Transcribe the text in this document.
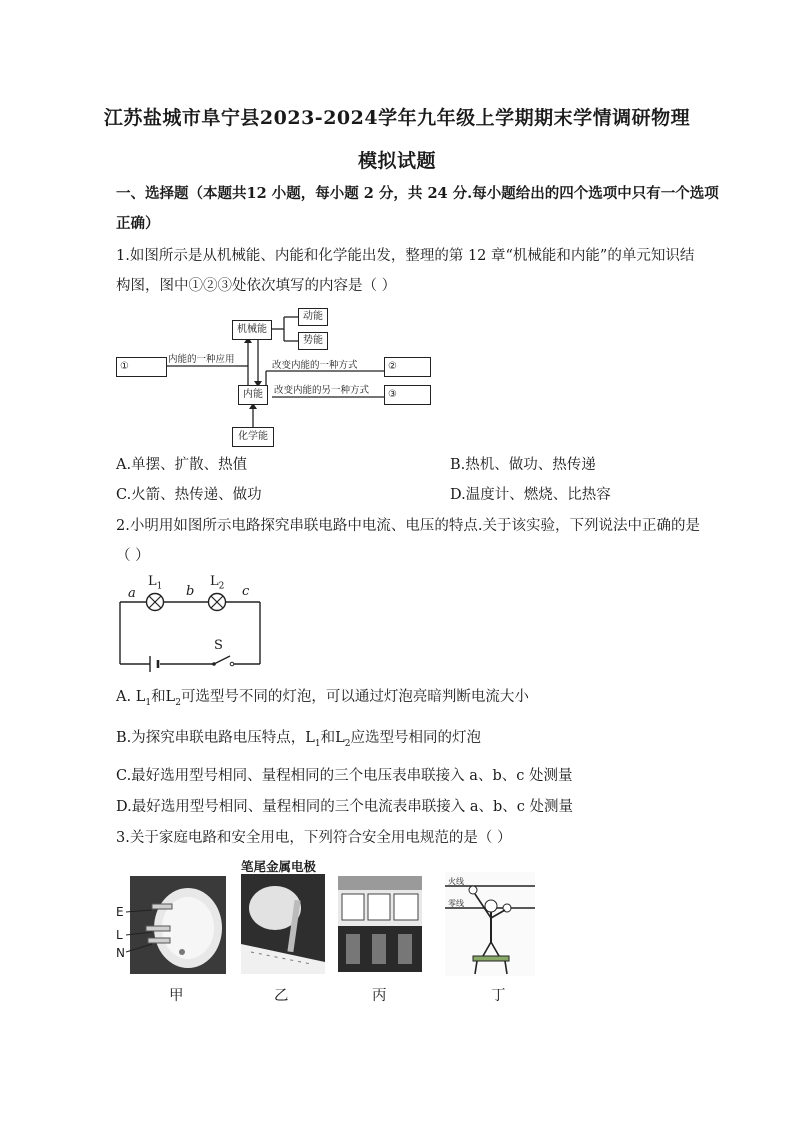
江苏盐城市阜宁县2023-2024学年九年级上学期期末学情调研物理
模拟试题
一、选择题（本题共12 小题，每小题 2 分，共 24 分.每小题给出的四个选项中只有一个选项
正确）
1.如图所示是从机械能、内能和化学能出发，整理的第 12 章“机械能和内能”的单元知识结
构图，图中①②③处依次填写的内容是（ ）
机械能
动能
势能
内能
化学能
①	②
③
内能的一种应用
改变内能的一种方式
改变内能的另一种方式
A.单摆、扩散、热值	B.热机、做功、热传递
C.火箭、热传递、做功	D.温度计、燃烧、比热容
2.小明用如图所示电路探究串联电路中电流、电压的特点.关于该实验，下列说法中正确的是
（ ）
a	b	c
$L_1$	$L_2$
S
A. $L_1$和$L_2$可选型号不同的灯泡，可以通过灯泡亮暗判断电流大小
B.为探究串联电路电压特点，$L_1$和$L_2$应选型号相同的灯泡
C.最好选用型号相同、量程相同的三个电压表串联接入 a、b、c 处测量
D.最好选用型号相同、量程相同的三个电流表串联接入 a、b、c 处测量
3.关于家庭电路和安全用电，下列符合安全用电规范的是（ ）
E
L
N
笔尾金属电极
火线
零线
甲	乙	丙	丁
